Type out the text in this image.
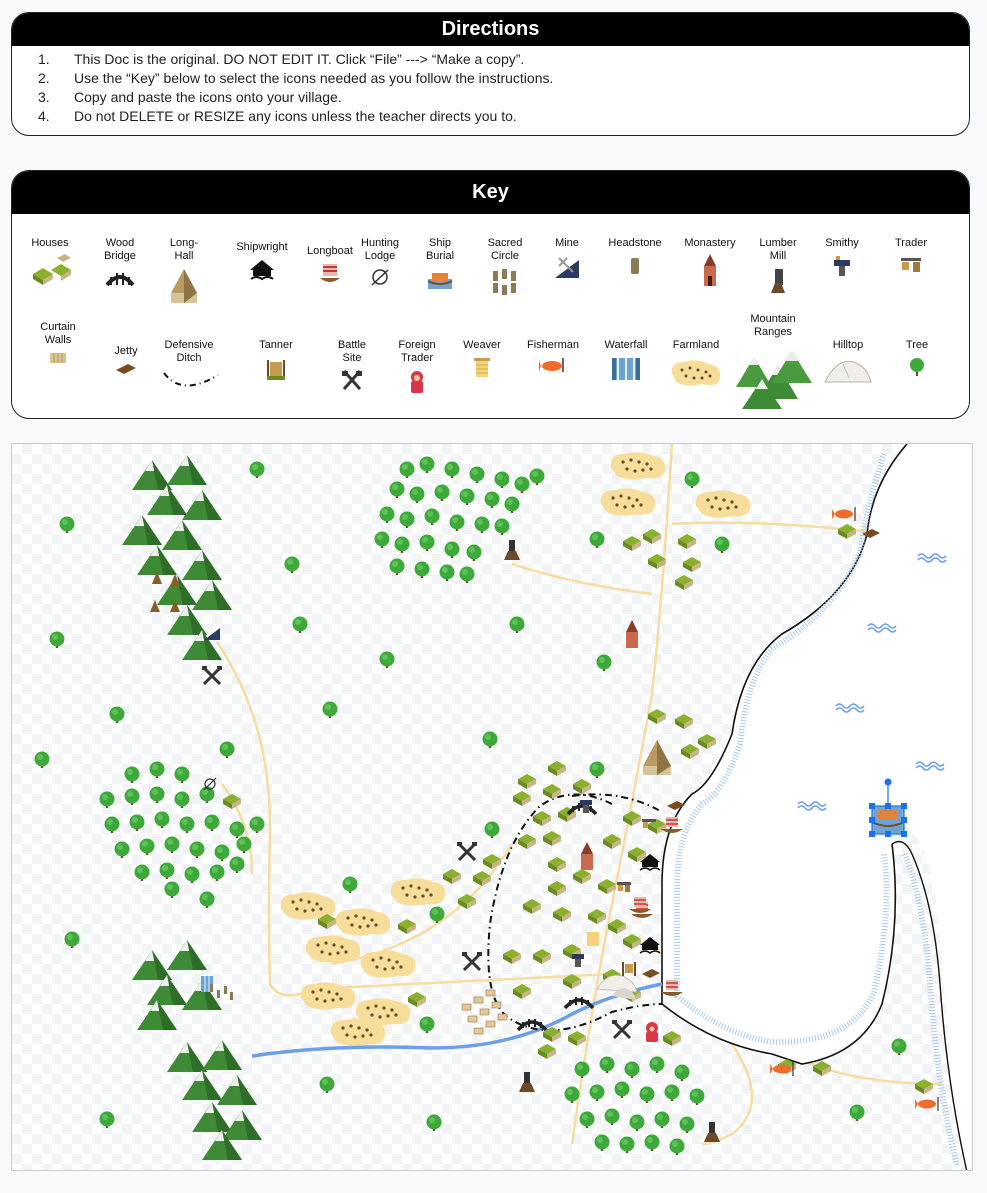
Directions
1. This Doc is the original. DO NOT EDIT IT. Click “File” ---> “Make a copy”.
2. Use the “Key” below to select the icons needed as you follow the instructions.
3. Copy and paste the icons onto your village.
4. Do not DELETE or RESIZE any icons unless the teacher directs you to.
Key
Houses	Wood Bridge
Long-Hall
Shipwright Longboat
Hunting Lodge
Ship Burial
Sacred Circle
Mine	Headstone	Monastery	Lumber Mill
Smithy	Trader
Curtain Walls
Jetty	Defensive Ditch
Tanner	Battle Site
Foreign Trader
Weaver Fisherman Waterfall	Farmland
Mountain Ranges
Hilltop	Tree
